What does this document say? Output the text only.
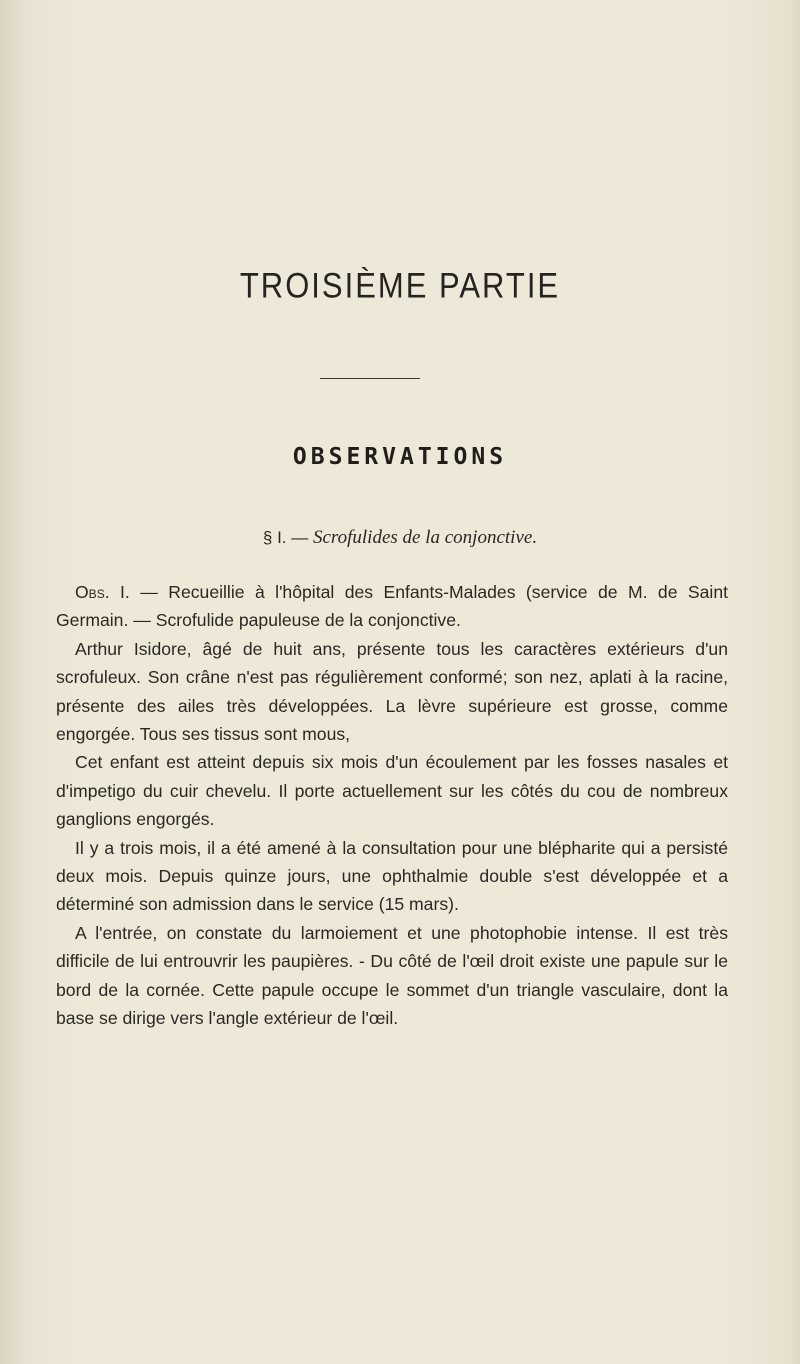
TROISIÈME PARTIE
OBSERVATIONS
§ I. — Scrofulides de la conjonctive.

Obs. I. — Recueillie à l'hôpital des Enfants-Malades (service de M. de Saint Germain. — Scrofulide papuleuse de la conjonctive.

Arthur Isidore, âgé de huit ans, présente tous les caractères extérieurs d'un scrofuleux. Son crâne n'est pas régulièrement conformé; son nez, aplati à la racine, présente des ailes très développées. La lèvre supérieure est grosse, comme engorgée. Tous ses tissus sont mous,

Cet enfant est atteint depuis six mois d'un écoulement par les fosses nasales et d'impetigo du cuir chevelu. Il porte actuellement sur les côtés du cou de nombreux ganglions engorgés.

Il y a trois mois, il a été amené à la consultation pour une blépharite qui a persisté deux mois. Depuis quinze jours, une ophthalmie double s'est développée et a déterminé son admission dans le service (15 mars).

A l'entrée, on constate du larmoiement et une photophobie intense. Il est très difficile de lui entrouvrir les paupières. - Du côté de l'œil droit existe une papule sur le bord de la cornée. Cette papule occupe le sommet d'un triangle vasculaire, dont la base se dirige vers l'angle extérieur de l'œil.
